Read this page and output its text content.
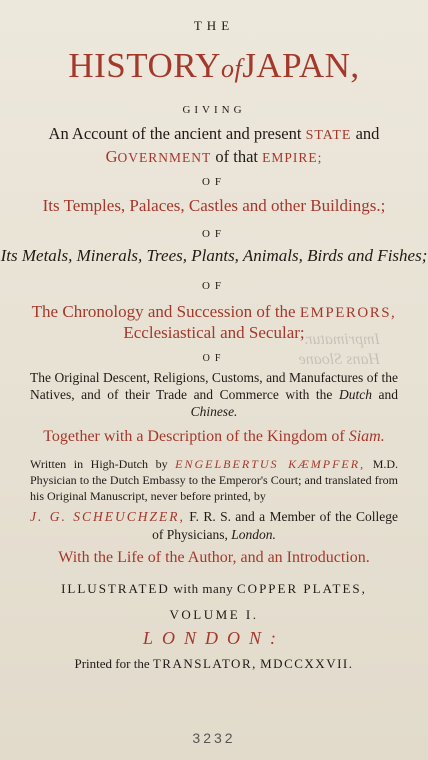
THE
HISTORYofJAPAN,
GIVING
An Account of the ancient and present STATE and
GOVERNMENT of that EMPIRE;
OF
Its Temples, Palaces, Castles and other Buildings.;
OF
Its Metals, Minerals, Trees, Plants, Animals, Birds and Fishes;
OF
The Chronology and Succession of the EMPERORS,
Ecclesiastical and Secular;
OF
The Original Descent, Religions, Customs, and Manufactures of the Natives, and of their Trade and Commerce with the Dutch and Chinese.
Together with a Description of the Kingdom of Siam.
Written in High-Dutch by ENGELBERTUS KÆMPFER, M.D. Physician to the Dutch Embassy to the Emperor's Court; and translated from his Original Manuscript, never before printed, by
J. G. SCHEUCHZER, F. R. S. and a Member of the College of Physicians, London.
With the Life of the Author, and an Introduction.
ILLUSTRATED with many COPPER PLATES,
VOLUME I.
LONDON:
Printed for the TRANSLATOR, MDCCXXVII.
Imprimatur.
Hans Sloane
3232
